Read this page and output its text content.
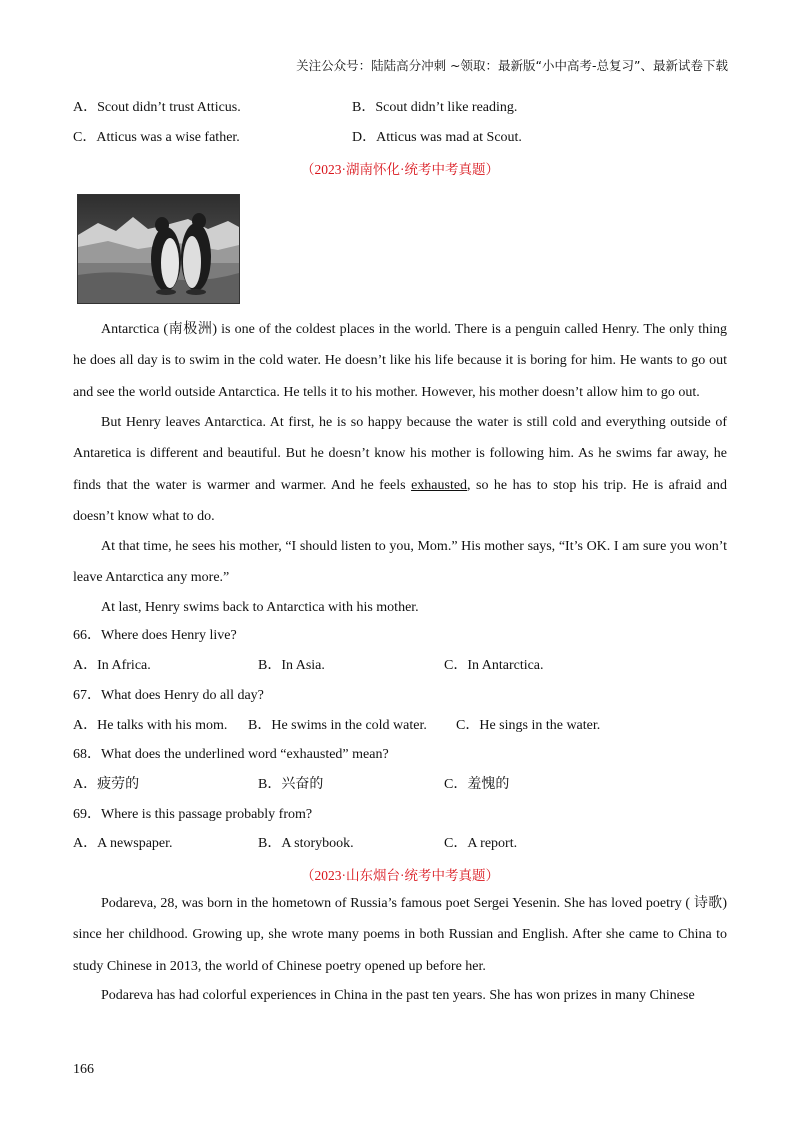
关注公众号：陆陆高分冲刺 ~领取：最新版“小中高考-总复习”、最新试卷下载
A．Scout didn’t trust Atticus.	B．Scout didn’t like reading.
C．Atticus was a wise father.	D．Atticus was mad at Scout.
（2023·湖南怀化·统考中考真题）
Antarctica (南极洲) is one of the coldest places in the world. There is a penguin called Henry. The only thing he does all day is to swim in the cold water. He doesn’t like his life because it is boring for him. He wants to go out and see the world outside Antarctica. He tells it to his mother. However, his mother doesn’t allow him to go out.
But Henry leaves Antarctica. At first, he is so happy because the water is still cold and everything outside of Antaretica is different and beautiful. But he doesn’t know his mother is following him. As he swims far away, he finds that the water is warmer and warmer. And he feels exhausted, so he has to stop his trip. He is afraid and doesn’t know what to do.
At that time, he sees his mother, “I should listen to you, Mom.” His mother says, “It’s OK. I am sure you won’t leave Antarctica any more.”
At last, Henry swims back to Antarctica with his mother.
66．Where does Henry live?
A．In Africa.	B．In Asia.	C．In Antarctica.
67．What does Henry do all day?
A．He talks with his mom. B．He swims in the cold water. C．He sings in the water.
68．What does the underlined word “exhausted” mean?
A．疲劳的	B．兴奋的	C．羞愧的
69．Where is this passage probably from?
A．A newspaper.	B．A storybook.	C．A report.
（2023·山东烟台·统考中考真题）
Podareva, 28, was born in the hometown of Russia’s famous poet Sergei Yesenin. She has loved poetry ( 诗歌) since her childhood. Growing up, she wrote many poems in both Russian and English. After she came to China to study Chinese in 2013, the world of Chinese poetry opened up before her.
Podareva has had colorful experiences in China in the past ten years. She has won prizes in many Chinese
166
